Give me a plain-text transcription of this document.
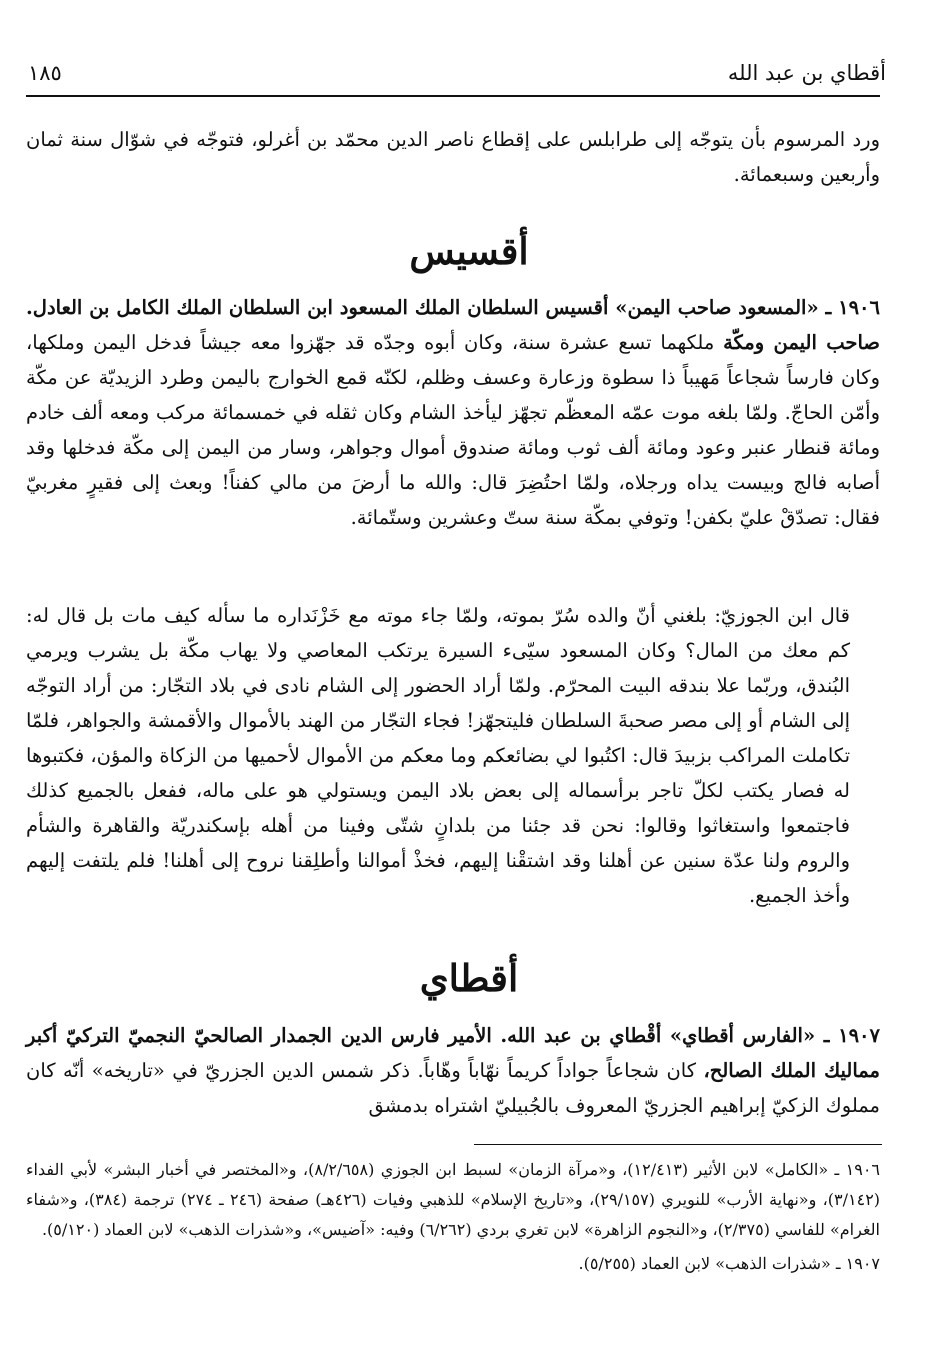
أقطاي بن عبد الله
١٨٥

ورد المرسوم بأن يتوجّه إلى طرابلس على إقطاع ناصر الدين محمّد بن أغرلو، فتوجّه في شوّال سنة ثمان وأربعين وسبعمائة.

أقسيس

١٩٠٦ ـ «المسعود صاحب اليمن» أقسيس السلطان الملك المسعود ابن السلطان الملك الكامل بن العادل. صاحب اليمن ومكّة ملكهما تسع عشرة سنة، وكان أبوه وجدّه قد جهّزوا معه جيشاً فدخل اليمن وملكها، وكان فارساً شجاعاً مَهيباً ذا سطوة وزعارة وعسف وظلم، لكنّه قمع الخوارج باليمن وطرد الزيديّة عن مكّة وأمّن الحاجّ. ولمّا بلغه موت عمّه المعظّم تجهّز ليأخذ الشام وكان ثقله في خمسمائة مركب ومعه ألف خادم ومائة قنطار عنبر وعود ومائة ألف ثوب ومائة صندوق أموال وجواهر، وسار من اليمن إلى مكّة فدخلها وقد أصابه فالج وبيست يداه ورجلاه، ولمّا احتُضِرَ قال: والله ما أرضَ من مالي كفناً! وبعث إلى فقيرٍ مغربيّ فقال: تصدّقْ عليّ بكفن! وتوفي بمكّة سنة ستّ وعشرين وستّمائة.

قال ابن الجوزيّ: بلغني أنّ والده سُرّ بموته، ولمّا جاء موته مع خَزْنَداره ما سأله كيف مات بل قال له: كم معك من المال؟ وكان المسعود سيّىء السيرة يرتكب المعاصي ولا يهاب مكّة بل يشرب ويرمي البُندق، وربّما علا بندقه البيت المحرّم. ولمّا أراد الحضور إلى الشام نادى في بلاد التجّار: من أراد التوجّه إلى الشام أو إلى مصر صحبةَ السلطان فليتجهّز! فجاء التجّار من الهند بالأموال والأقمشة والجواهر، فلمّا تكاملت المراكب بزبيدَ قال: اكتُبوا لي بضائعكم وما معكم من الأموال لأحميها من الزكاة والمؤن، فكتبوها له فصار يكتب لكلّ تاجر برأسماله إلى بعض بلاد اليمن ويستولي هو على ماله، ففعل بالجميع كذلك فاجتمعوا واستغاثوا وقالوا: نحن قد جئنا من بلدانٍ شتّى وفينا من أهله بإسكندريّة والقاهرة والشأم والروم ولنا عدّة سنين عن أهلنا وقد اشتقْنا إليهم، فخذْ أموالنا وأطلِقنا نروح إلى أهلنا! فلم يلتفت إليهم وأخذ الجميع.

أقطاي

١٩٠٧ ـ «الفارس أقطاي» أقْطاي بن عبد الله. الأمير فارس الدين الجمدار الصالحيّ النجميّ التركيّ أكبر مماليك الملك الصالح، كان شجاعاً جواداً كريماً نهّاباً وهّاباً. ذكر شمس الدين الجزريّ في «تاريخه» أنّه كان مملوك الزكيّ إبراهيم الجزريّ المعروف بالجُبيليّ اشتراه بدمشق

١٩٠٦ ـ «الكامل» لابن الأثير (١٢/٤١٣)، و«مرآة الزمان» لسبط ابن الجوزي (٨/٢/٦٥٨)، و«المختصر في أخبار البشر» لأبي الفداء (٣/١٤٢)، و«نهاية الأرب» للنويري (٢٩/١٥٧)، و«تاريخ الإسلام» للذهبي وفيات (٤٢٦هـ) صفحة (٢٤٦ ـ ٢٧٤) ترجمة (٣٨٤)، و«شفاء الغرام» للفاسي (٢/٣٧٥)، و«النجوم الزاهرة» لابن تغري بردي (٦/٢٦٢) وفيه: «آضيس»، و«شذرات الذهب» لابن العماد (٥/١٢٠).

١٩٠٧ ـ «شذرات الذهب» لابن العماد (٥/٢٥٥).
